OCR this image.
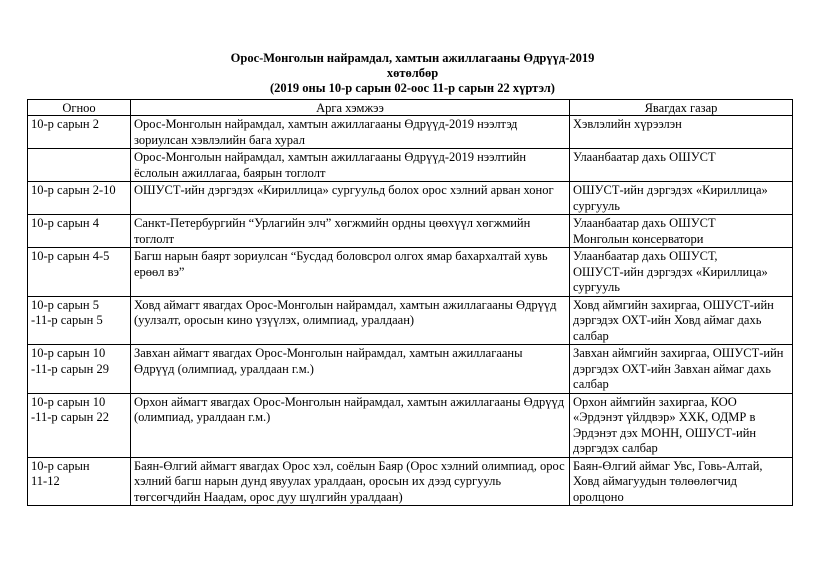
Орос-Монголын найрамдал, хамтын ажиллагааны Өдрүүд-2019
хөтөлбөр
(2019 оны 10-р сарын 02-оос 11-р сарын 22 хүртэл)
Огноо	Арга хэмжээ	Явагдах газар
10-р сарын 2	Орос-Монголын найрамдал, хамтын ажиллагааны Өдрүүд-2019 нээлтэд зориулсан хэвлэлийн бага хурал	Хэвлэлийн хүрээлэн
	Орос-Монголын найрамдал, хамтын ажиллагааны Өдрүүд-2019 нээлтийн ёслолын ажиллагаа, баярын тоглолт	Улаанбаатар дахь ОШУСТ
10-р сарын 2-10	ОШУСТ-ийн дэргэдэх «Кириллица» сургуульд болох орос хэлний арван хоног	ОШУСТ-ийн дэргэдэх «Кириллица» сургууль
10-р сарын 4	Санкт-Петербургийн “Урлагийн элч” хөгжмийн ордны цөөхүүл хөгжмийн тоглолт	Улаанбаатар дахь ОШУСТ
Монголын консерватори
10-р сарын 4-5	Багш нарын баярт зориулсан “Бусдад боловсрол олгох ямар бахархалтай хувь ерөөл вэ”	Улаанбаатар дахь ОШУСТ,
ОШУСТ-ийн дэргэдэх «Кириллица» сургууль
10-р сарын 5
-11-р сарын 5	Ховд аймагт явагдах Орос-Монголын найрамдал, хамтын ажиллагааны Өдрүүд (уулзалт, оросын кино үзүүлэх, олимпиад, уралдаан)	Ховд аймгийн захиргаа, ОШУСТ-ийн дэргэдэх ОХТ-ийн Ховд аймаг дахь салбар
10-р сарын 10
-11-р сарын 29	Завхан аймагт явагдах Орос-Монголын найрамдал, хамтын ажиллагааны Өдрүүд (олимпиад, уралдаан г.м.)	Завхан аймгийн захиргаа, ОШУСТ-ийн дэргэдэх ОХТ-ийн Завхан аймаг дахь салбар
10-р сарын 10
-11-р сарын 22	Орхон аймагт явагдах Орос-Монголын найрамдал, хамтын ажиллагааны Өдрүүд (олимпиад, уралдаан г.м.)	Орхон аймгийн захиргаа, КОО «Эрдэнэт үйлдвэр» ХХК, ОДМР в Эрдэнэт дэх МОНН, ОШУСТ-ийн дэргэдэх салбар
10-р сарын
11-12	Баян-Өлгий аймагт явагдах Орос хэл, соёлын Баяр (Орос хэлний олимпиад, орос хэлний багш нарын дунд явуулах уралдаан, оросын их дээд сургууль төгсөгчдийн Наадам, орос дуу шүлгийн уралдаан)	Баян-Өлгий аймаг Увс, Говь-Алтай, Ховд аймагуудын төлөөлөгчид оролцоно
